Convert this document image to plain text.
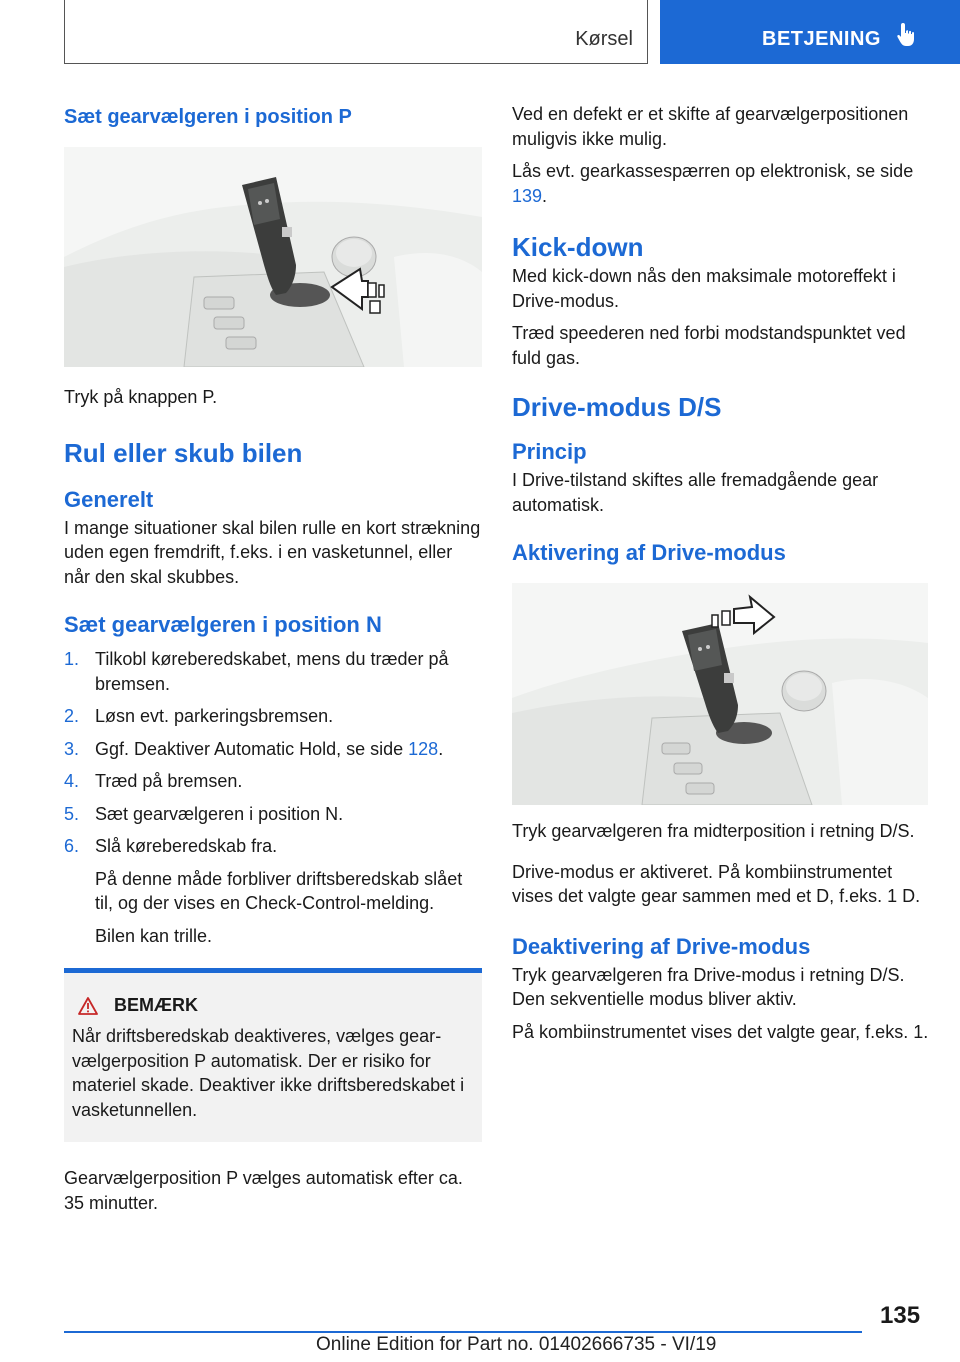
Kørsel	BETJENING
Sæt gearvælgeren i position P

Tryk på knappen P.

Rul eller skub bilen
Generelt

I mange situationer skal bilen rulle en kort strækning uden egen fremdrift, f.eks. i en vasketunnel, eller når den skal skubbes.

Sæt gearvælgeren i position N
1. Tilkobl køreberedskabet, mens du træder på bremsen.
2. Løsn evt. parkeringsbremsen.
3. Ggf. Deaktiver Automatic Hold, se side 128.
4. Træd på bremsen.
5. Sæt gearvælgeren i position N.
6. Slå køreberedskab fra.

På denne måde forbliver driftsberedskab slået til, og der vises en Check-Control-melding.

Bilen kan trille.

BEMÆRK

Når driftsberedskab deaktiveres, vælges gearvælgerposition P automatisk. Der er risiko for materiel skade. Deaktiver ikke driftsberedskabet i vasketunnellen.

Gearvælgerposition P vælges automatisk efter ca. 35 minutter.

Ved en defekt er et skifte af gearvælgerpositionen muligvis ikke mulig.

Lås evt. gearkassespærren op elektronisk, se side 139.

Kick-down

Med kick-down nås den maksimale motoreffekt i Drive-modus.

Træd speederen ned forbi modstandspunktet ved fuld gas.

Drive-modus D/S
Princip

I Drive-tilstand skiftes alle fremadgående gear automatisk.

Aktivering af Drive-modus

Tryk gearvælgeren fra midterposition i retning D/S.

Drive-modus er aktiveret. På kombiinstrumentet vises det valgte gear sammen med et D, f.eks. 1 D.

Deaktivering af Drive-modus

Tryk gearvælgeren fra Drive-modus i retning D/S. Den sekventielle modus bliver aktiv.

På kombiinstrumentet vises det valgte gear, f.eks. 1.

135
Online Edition for Part no. 01402666735 - VI/19
